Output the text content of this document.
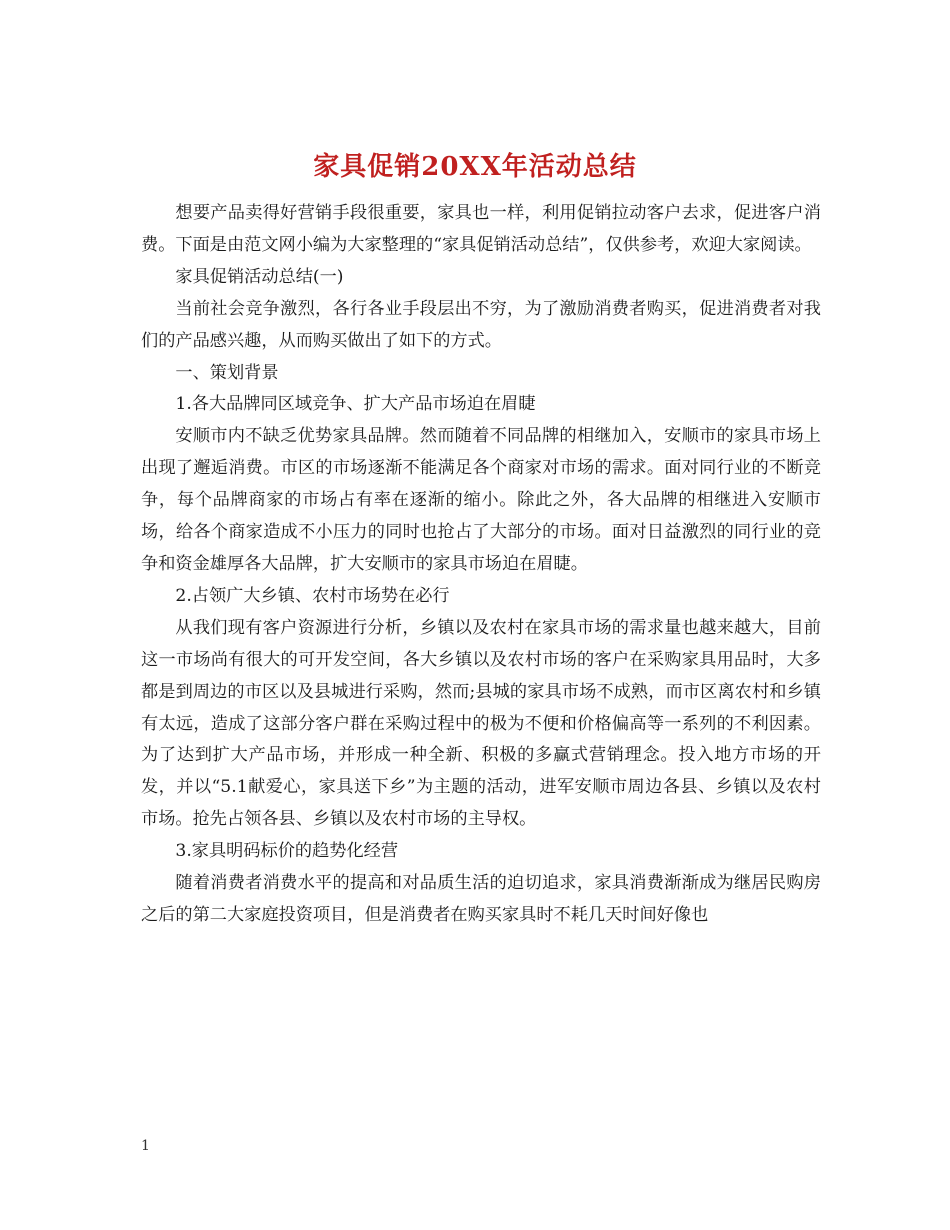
家具促销20XX年活动总结

想要产品卖得好营销手段很重要，家具也一样，利用促销拉动客户去求，促进客户消费。下面是由范文网小编为大家整理的“家具促销活动总结”，仅供参考，欢迎大家阅读。

家具促销活动总结(一)

当前社会竞争激烈，各行各业手段层出不穷，为了激励消费者购买，促进消费者对我们的产品感兴趣，从而购买做出了如下的方式。

一、策划背景

1.各大品牌同区域竞争、扩大产品市场迫在眉睫

安顺市内不缺乏优势家具品牌。然而随着不同品牌的相继加入，安顺市的家具市场上出现了邂逅消费。市区的市场逐渐不能满足各个商家对市场的需求。面对同行业的不断竞争，每个品牌商家的市场占有率在逐渐的缩小。除此之外，各大品牌的相继进入安顺市场，给各个商家造成不小压力的同时也抢占了大部分的市场。面对日益激烈的同行业的竞争和资金雄厚各大品牌，扩大安顺市的家具市场迫在眉睫。

2.占领广大乡镇、农村市场势在必行

从我们现有客户资源进行分析，乡镇以及农村在家具市场的需求量也越来越大，目前这一市场尚有很大的可开发空间，各大乡镇以及农村市场的客户在采购家具用品时，大多都是到周边的市区以及县城进行采购，然而;县城的家具市场不成熟，而市区离农村和乡镇有太远，造成了这部分客户群在采购过程中的极为不便和价格偏高等一系列的不利因素。为了达到扩大产品市场，并形成一种全新、积极的多赢式营销理念。投入地方市场的开发，并以“5.1献爱心，家具送下乡”为主题的活动，进军安顺市周边各县、乡镇以及农村市场。抢先占领各县、乡镇以及农村市场的主导权。

3.家具明码标价的趋势化经营

随着消费者消费水平的提高和对品质生活的迫切追求，家具消费渐渐成为继居民购房之后的第二大家庭投资项目，但是消费者在购买家具时不耗几天时间好像也

1
